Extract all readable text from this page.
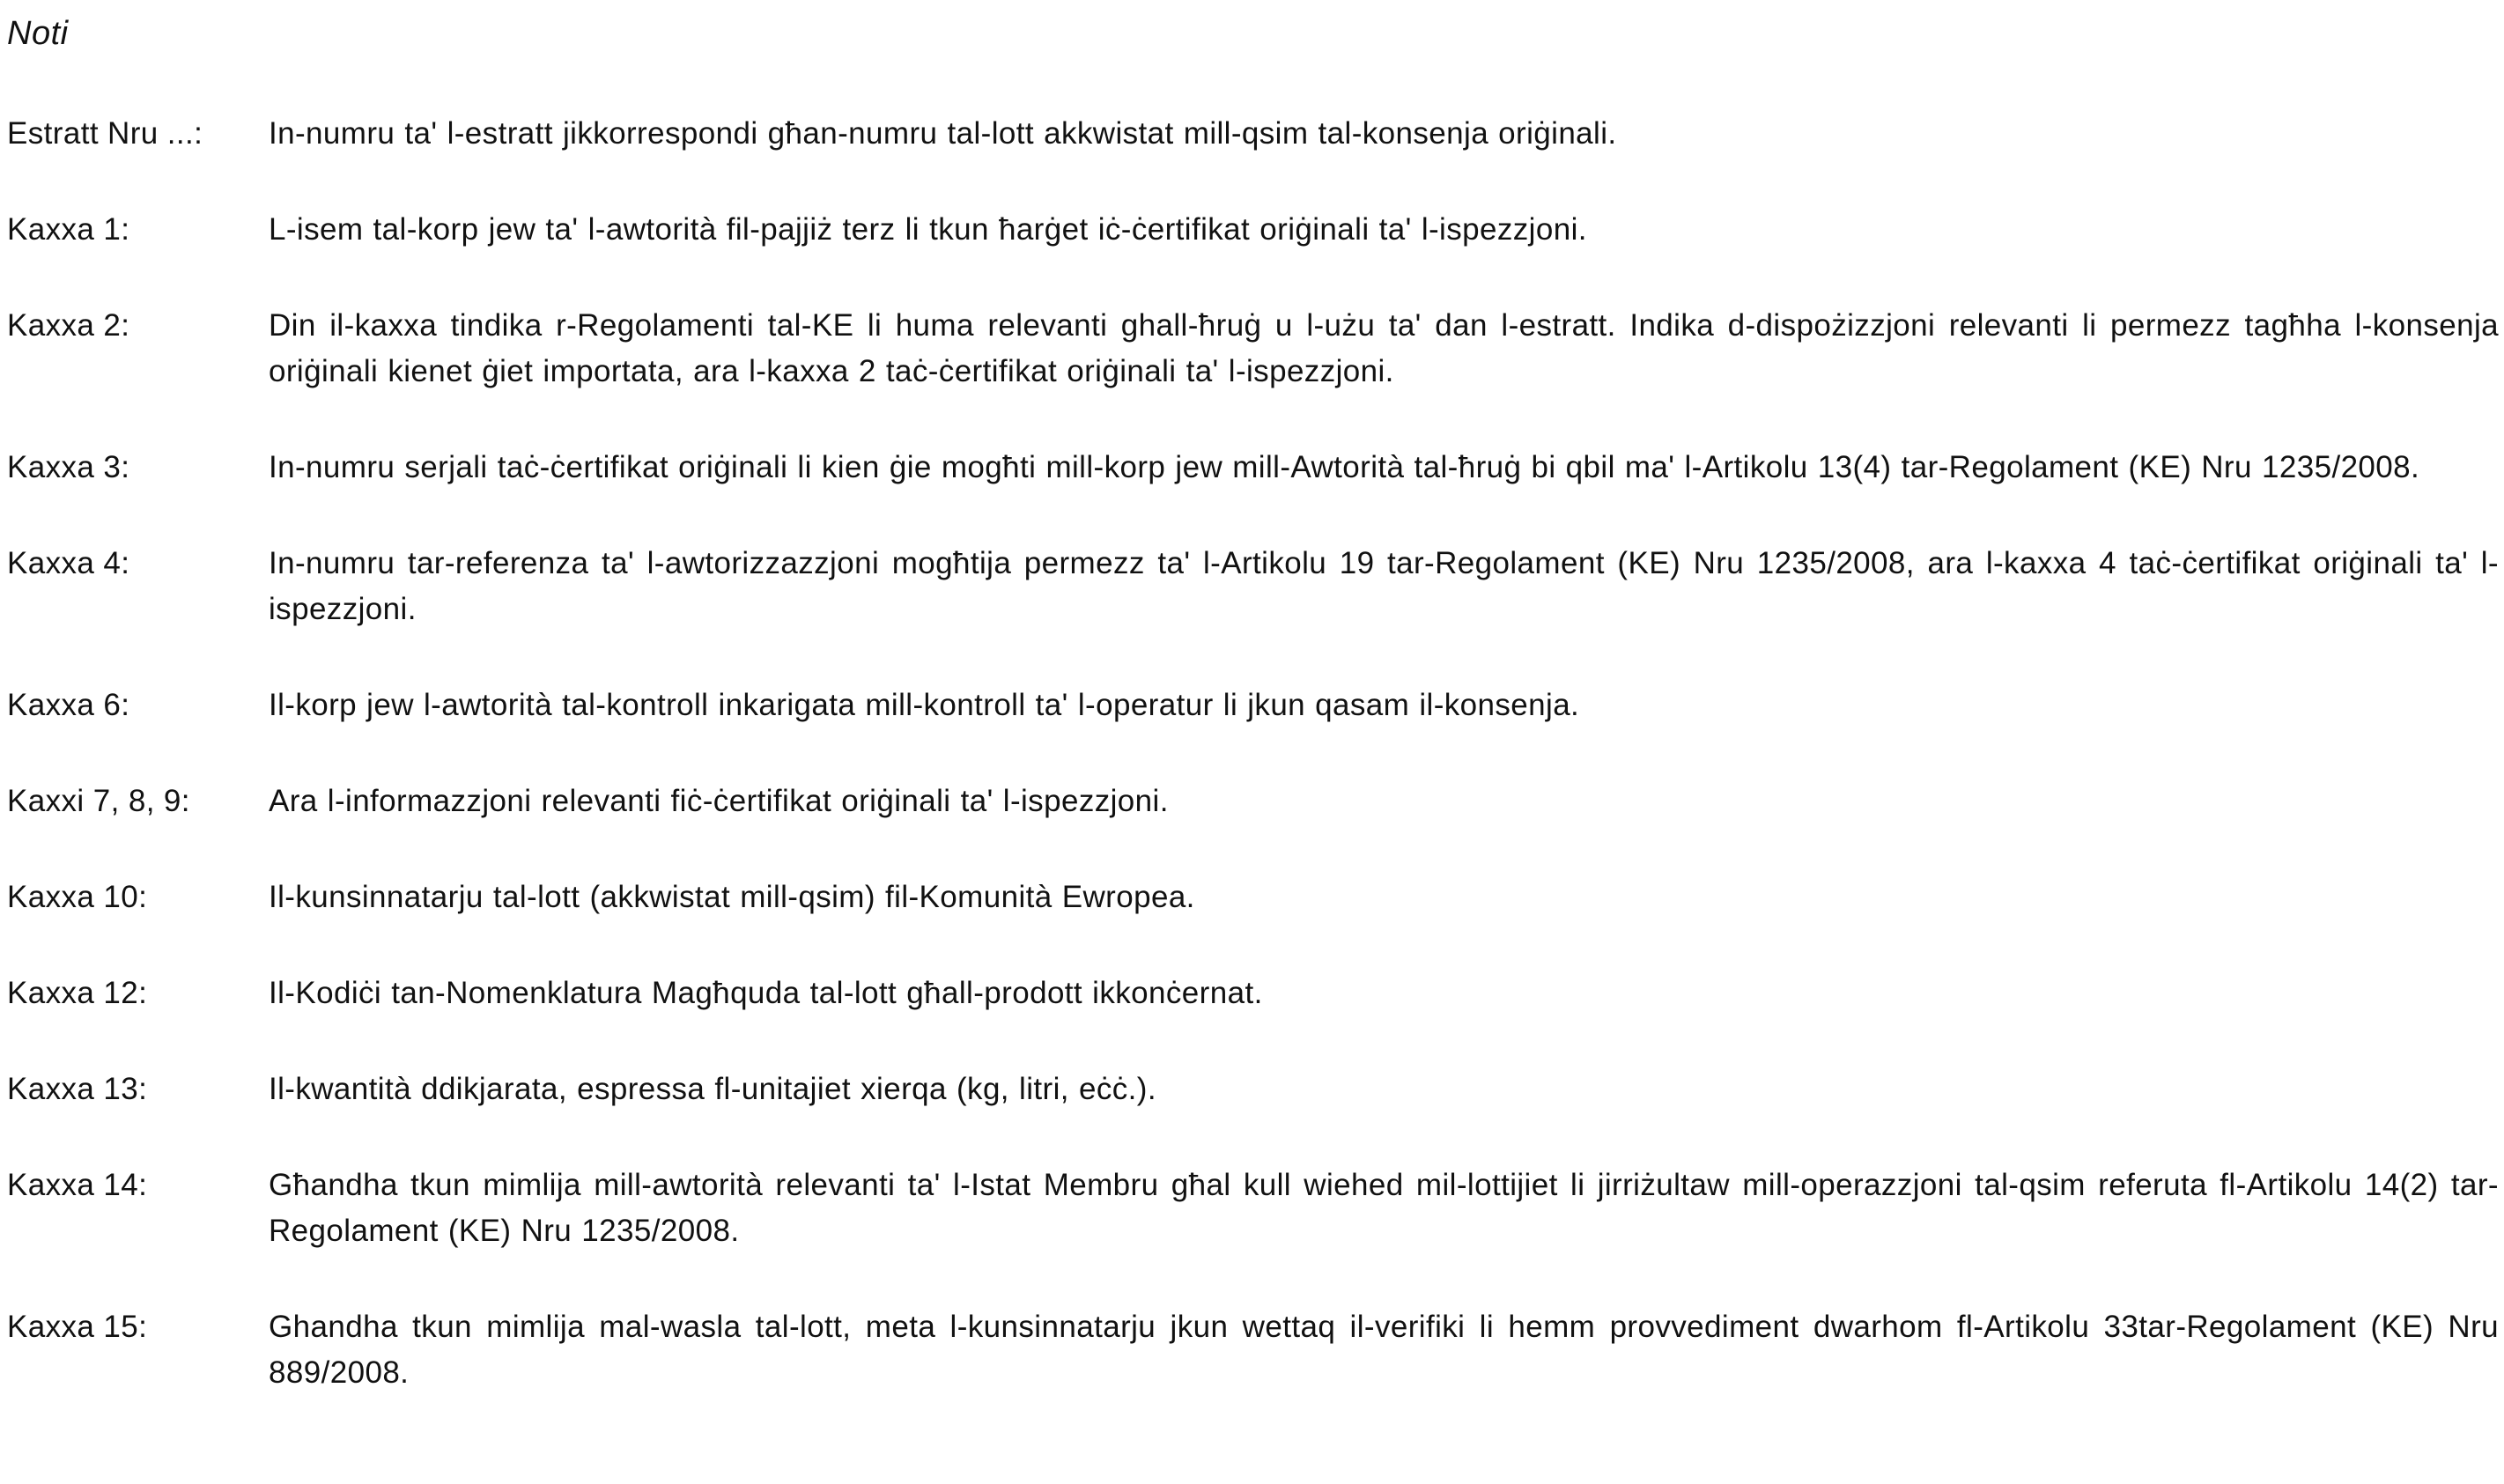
Noti
Estratt Nru ...:	In-numru ta' l-estratt jikkorrespondi għan-numru tal-lott akkwistat mill-qsim tal-konsenja oriġinali.
Kaxxa 1:	L-isem tal-korp jew ta' l-awtorità fil-pajjiż terz li tkun ħarġet iċ-ċertifikat oriġinali ta' l-ispezzjoni.
Kaxxa 2:	Din il-kaxxa tindika r-Regolamenti tal-KE li huma relevanti ghall-ħruġ u l-użu ta' dan l-estratt. Indika d-dispożizzjoni relevanti li permezz tagħha l-konsenja oriġinali kienet ġiet importata, ara l-kaxxa 2 taċ-ċertifikat oriġinali ta' l-ispezzjoni.
Kaxxa 3:	In-numru serjali taċ-ċertifikat oriġinali li kien ġie mogħti mill-korp jew mill-Awtorità tal-ħruġ bi qbil ma' l-Artikolu 13(4) tar-Regolament (KE) Nru 1235/2008.
Kaxxa 4:	In-numru tar-referenza ta' l-awtorizzazzjoni mogħtija permezz ta' l-Artikolu 19 tar-Regolament (KE) Nru 1235/2008, ara l-kaxxa 4 taċ-ċertifikat oriġinali ta' l-ispezzjoni.
Kaxxa 6:	Il-korp jew l-awtorità tal-kontroll inkarigata mill-kontroll ta' l-operatur li jkun qasam il-konsenja.
Kaxxi 7, 8, 9:	Ara l-informazzjoni relevanti fiċ-ċertifikat oriġinali ta' l-ispezzjoni.
Kaxxa 10:	Il-kunsinnatarju tal-lott (akkwistat mill-qsim) fil-Komunità Ewropea.
Kaxxa 12:	Il-Kodiċi tan-Nomenklatura Magħquda tal-lott għall-prodott ikkonċernat.
Kaxxa 13:	Il-kwantità ddikjarata, espressa fl-unitajiet xierqa (kg, litri, eċċ.).
Kaxxa 14:	Għandha tkun mimlija mill-awtorità relevanti ta' l-Istat Membru għal kull wiehed mil-lottijiet li jirriżultaw mill-operazzjoni tal-qsim referuta fl-Artikolu 14(2) tar-Regolament (KE) Nru 1235/2008.
Kaxxa 15:	Ghandha tkun mimlija mal-wasla tal-lott, meta l-kunsinnatarju jkun wettaq il-verifiki li hemm provvediment dwarhom fl-Artikolu 33tar-Regolament (KE) Nru 889/2008.
